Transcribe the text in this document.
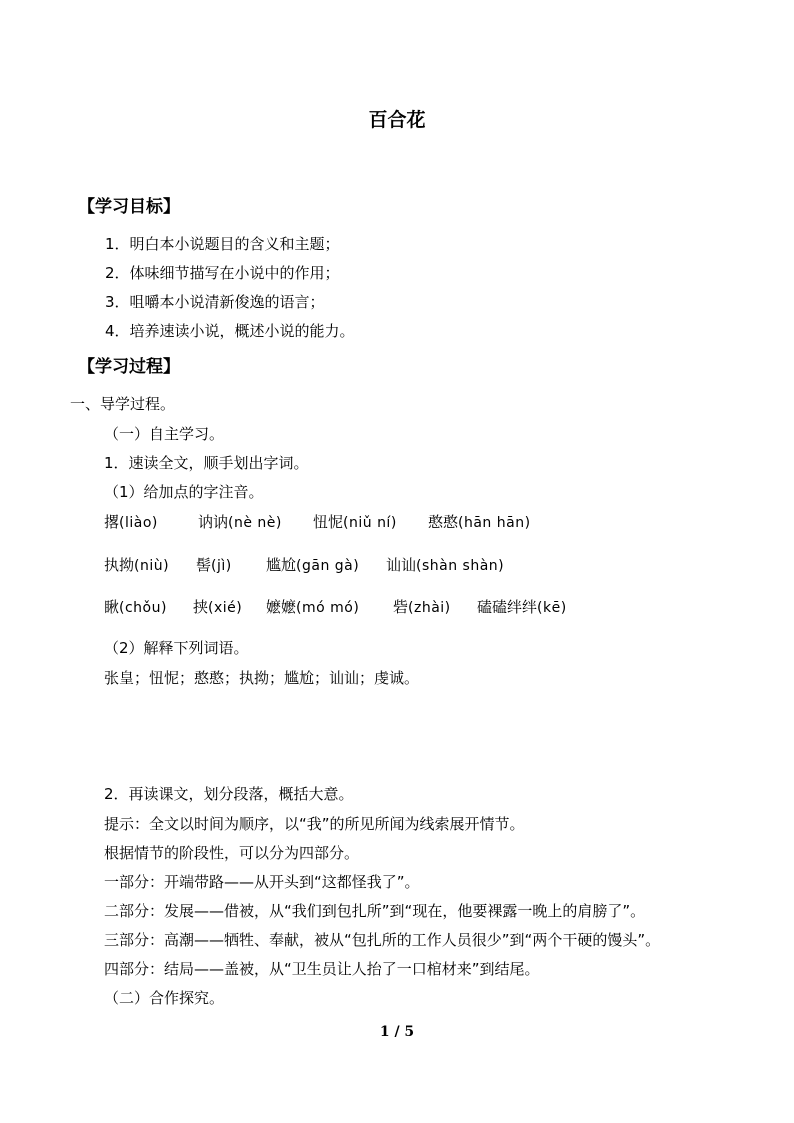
百合花
【学习目标】
1．明白本小说题目的含义和主题；
2．体味细节描写在小说中的作用；
3．咀嚼本小说清新俊逸的语言；
4．培养速读小说，概述小说的能力。
【学习过程】
一、导学过程。
（一）自主学习。
1．速读全文，顺手划出字词。
（1）给加点的字注音。
撂(liào)	讷讷(nè nè) 忸怩(niǔ ní) 憨憨(hān hān)
执拗(niù) 髻(jì) 尴尬(gān gà) 讪讪(shàn shàn)
瞅(chǒu) 挟(xié) 嬷嬷(mó mó) 砦(zhài) 磕磕绊绊(kē)
（2）解释下列词语。
张皇；忸怩；憨憨；执拗；尴尬；讪讪；虔诚。
2．再读课文，划分段落，概括大意。
提示：全文以时间为顺序，以“我”的所见所闻为线索展开情节。
根据情节的阶段性，可以分为四部分。
一部分：开端带路——从开头到“这都怪我了”。
二部分：发展——借被，从“我们到包扎所”到“现在，他要裸露一晚上的肩膀了”。
三部分：高潮——牺牲、奉献，被从“包扎所的工作人员很少”到“两个干硬的馒头”。
四部分：结局——盖被，从“卫生员让人抬了一口棺材来”到结尾。
（二）合作探究。
1 / 5
